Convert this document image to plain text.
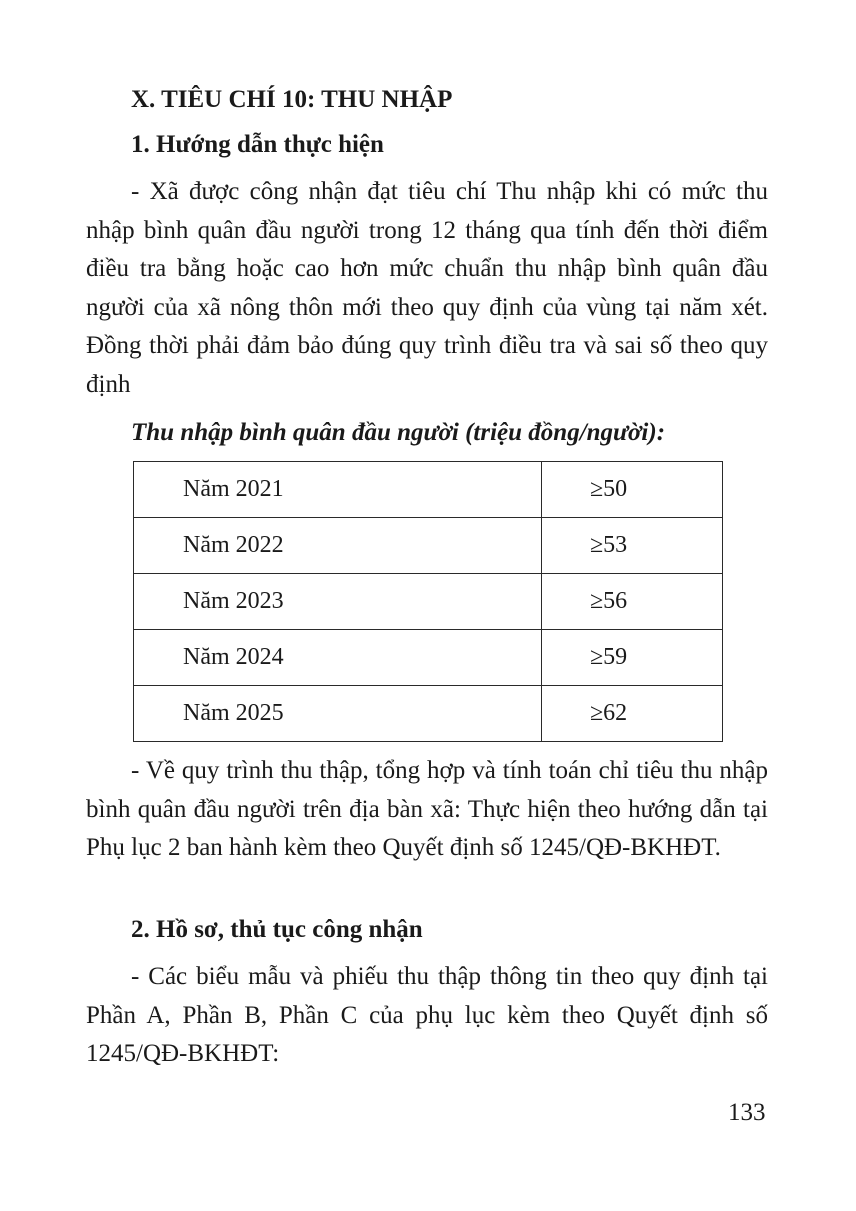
X. TIÊU CHÍ 10: THU NHẬP
1. Hướng dẫn thực hiện

- Xã được công nhận đạt tiêu chí Thu nhập khi có mức thu nhập bình quân đầu người trong 12 tháng qua tính đến thời điểm điều tra bằng hoặc cao hơn mức chuẩn thu nhập bình quân đầu người của xã nông thôn mới theo quy định của vùng tại năm xét. Đồng thời phải đảm bảo đúng quy trình điều tra và sai số theo quy định

Thu nhập bình quân đầu người (triệu đồng/người):
Năm 2021	≥50
Năm 2022	≥53
Năm 2023	≥56
Năm 2024	≥59
Năm 2025	≥62

- Về quy trình thu thập, tổng hợp và tính toán chỉ tiêu thu nhập bình quân đầu người trên địa bàn xã: Thực hiện theo hướng dẫn tại Phụ lục 2 ban hành kèm theo Quyết định số 1245/QĐ-BKHĐT.

2. Hồ sơ, thủ tục công nhận

- Các biểu mẫu và phiếu thu thập thông tin theo quy định tại Phần A, Phần B, Phần C của phụ lục kèm theo Quyết định số 1245/QĐ-BKHĐT:

133
